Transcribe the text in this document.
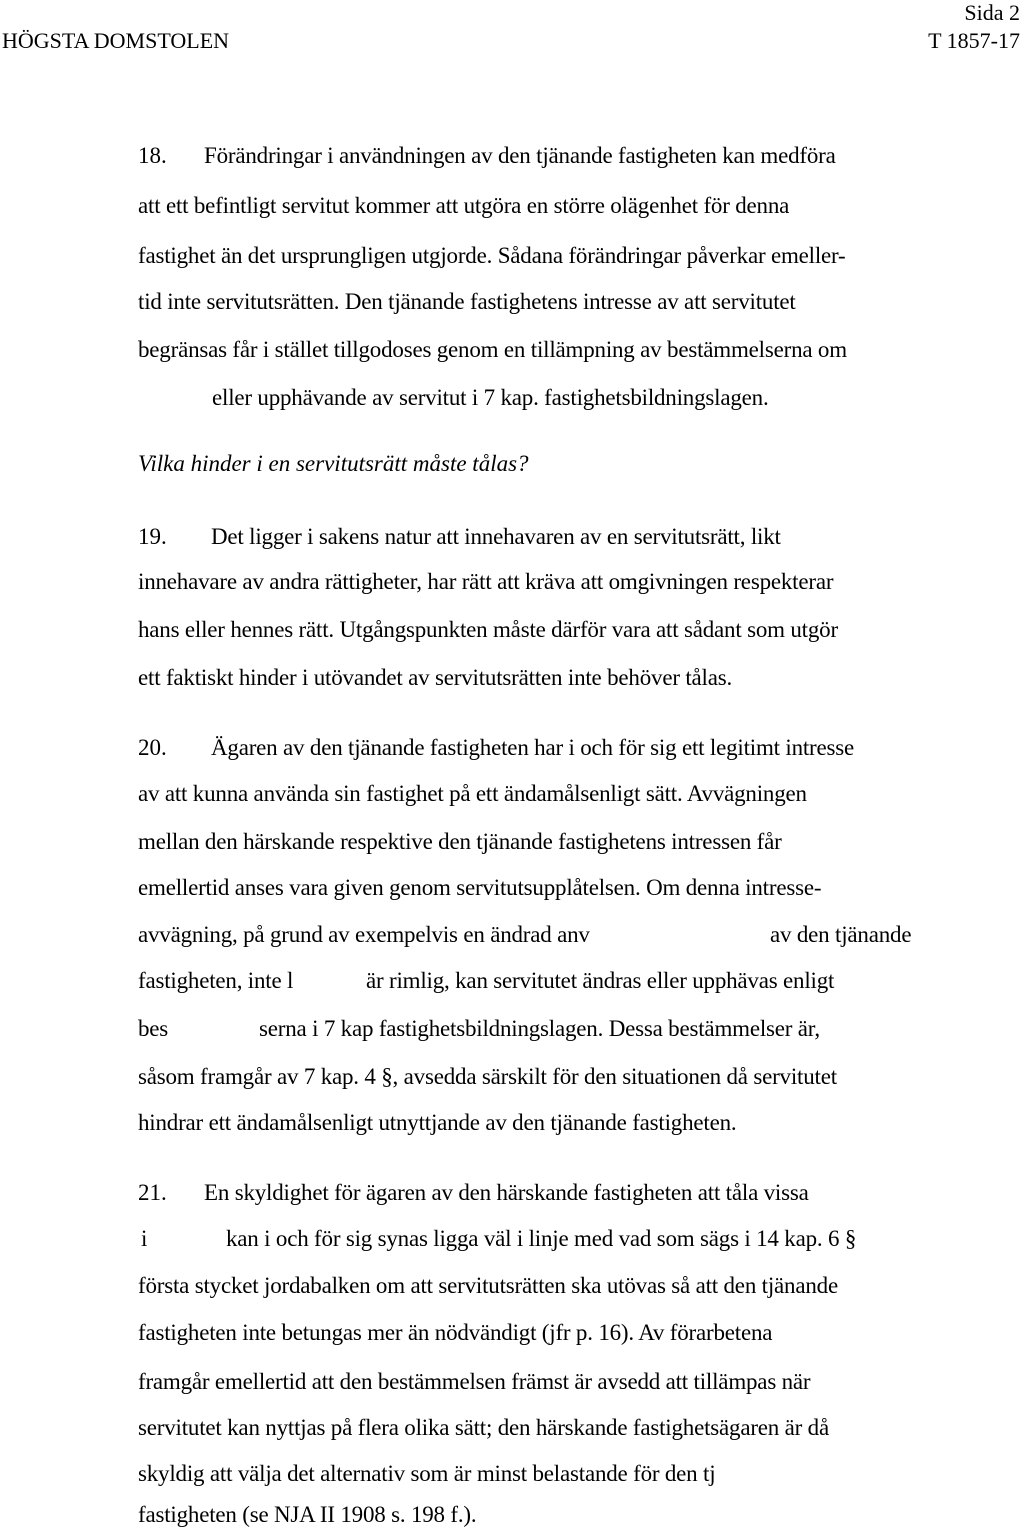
HÖGSTA DOMSTOLEN
Sida 2
T 1857-17
18. Förändringar i användningen av den tjänande fastigheten kan medföra
att ett befintligt servitut kommer att utgöra en större olägenhet för denna
fastighet än det ursprungligen utgjorde. Sådana förändringar påverkar emeller-
tid inte servitutsrätten. Den tjänande fastighetens intresse av att servitutet
begränsas får i stället tillgodoses genom en tillämpning av bestämmelserna om
eller upphävande av servitut i 7 kap. fastighetsbildningslagen.
Vilka hinder i en servitutsrätt måste tålas?
19. Det ligger i sakens natur att innehavaren av en servitutsrätt, likt
innehavare av andra rättigheter, har rätt att kräva att omgivningen respekterar
hans eller hennes rätt. Utgångspunkten måste därför vara att sådant som utgör
ett faktiskt hinder i utövandet av servitutsrätten inte behöver tålas.
20. Ägaren av den tjänande fastigheten har i och för sig ett legitimt intresse
av att kunna använda sin fastighet på ett ändamålsenligt sätt. Avvägningen
mellan den härskande respektive den tjänande fastighetens intressen får
emellertid anses vara given genom servitutsupplåtelsen. Om denna intresse-
avvägning, på grund av exempelvis en ändrad anv	av den tjänande
fastigheten, inte l	är rimlig, kan servitutet ändras eller upphävas enligt
bes	serna i 7 kap fastighetsbildningslagen. Dessa bestämmelser är,
såsom framgår av 7 kap. 4 §, avsedda särskilt för den situationen då servitutet
hindrar ett ändamålsenligt utnyttjande av den tjänande fastigheten.
21. En skyldighet för ägaren av den härskande fastigheten att tåla vissa
i	kan i och för sig synas ligga väl i linje med vad som sägs i 14 kap. 6 §
första stycket jordabalken om att servitutsrätten ska utövas så att den tjänande
fastigheten inte betungas mer än nödvändigt (jfr p. 16). Av förarbetena
framgår emellertid att den bestämmelsen främst är avsedd att tillämpas när
servitutet kan nyttjas på flera olika sätt; den härskande fastighetsägaren är då
skyldig att välja det alternativ som är minst belastande för den tj
fastigheten (se NJA II 1908 s. 198 f.).
